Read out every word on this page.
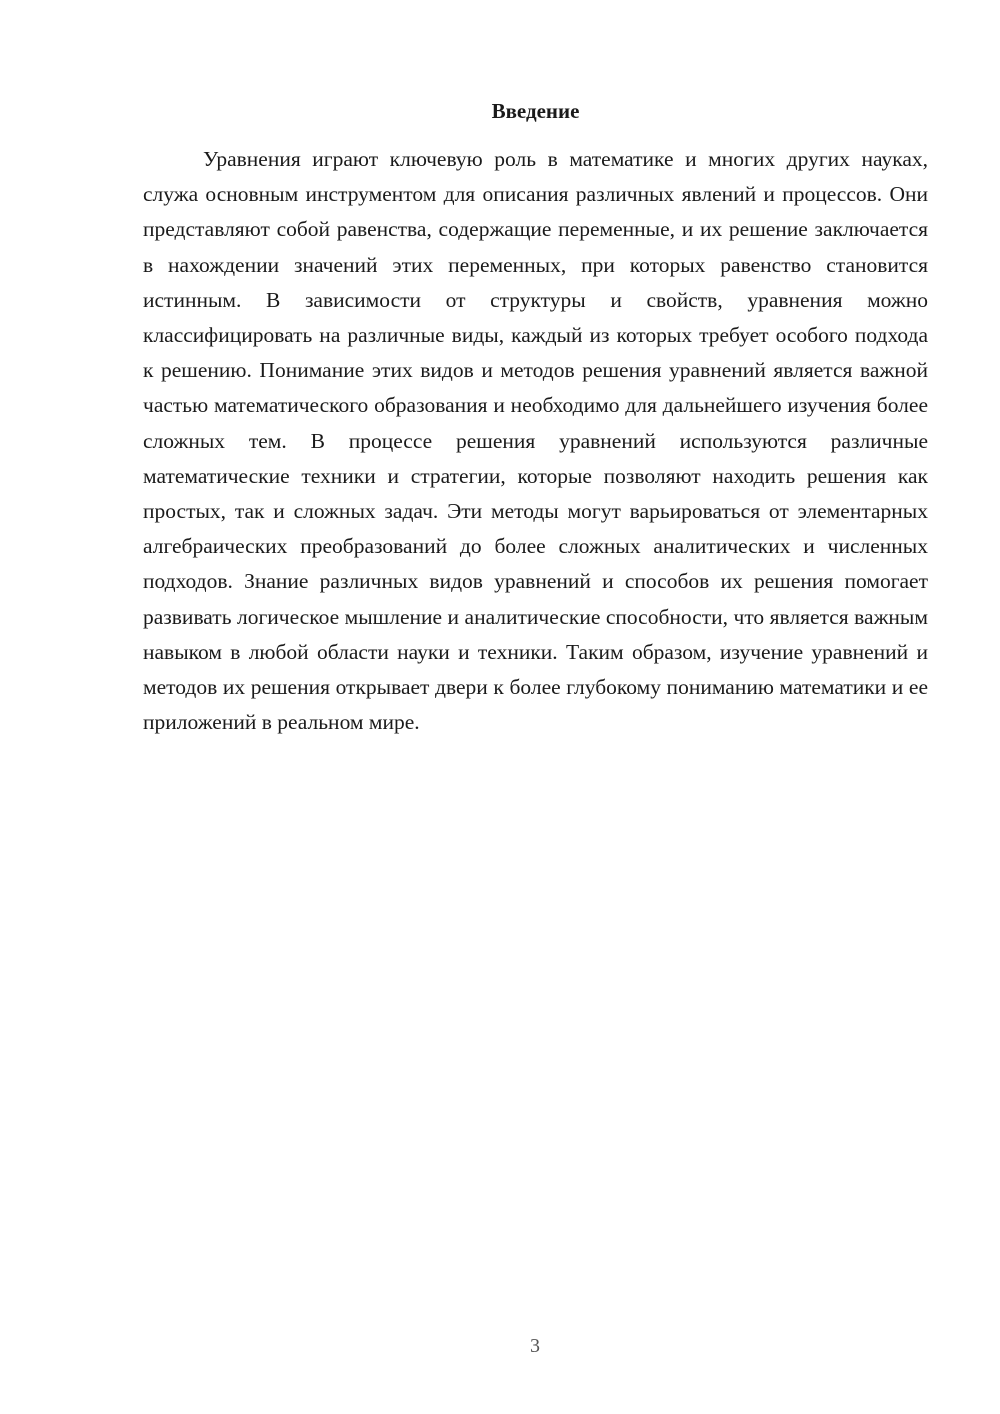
Введение

Уравнения играют ключевую роль в математике и многих других науках, служа основным инструментом для описания различных явлений и процессов. Они представляют собой равенства, содержащие переменные, и их решение заключается в нахождении значений этих переменных, при которых равенство становится истинным. В зависимости от структуры и свойств, уравнения можно классифицировать на различные виды, каждый из которых требует особого подхода к решению. Понимание этих видов и методов решения уравнений является важной частью математического образования и необходимо для дальнейшего изучения более сложных тем. В процессе решения уравнений используются различные математические техники и стратегии, которые позволяют находить решения как простых, так и сложных задач. Эти методы могут варьироваться от элементарных алгебраических преобразований до более сложных аналитических и численных подходов. Знание различных видов уравнений и способов их решения помогает развивать логическое мышление и аналитические способности, что является важным навыком в любой области науки и техники. Таким образом, изучение уравнений и методов их решения открывает двери к более глубокому пониманию математики и ее приложений в реальном мире.

3
